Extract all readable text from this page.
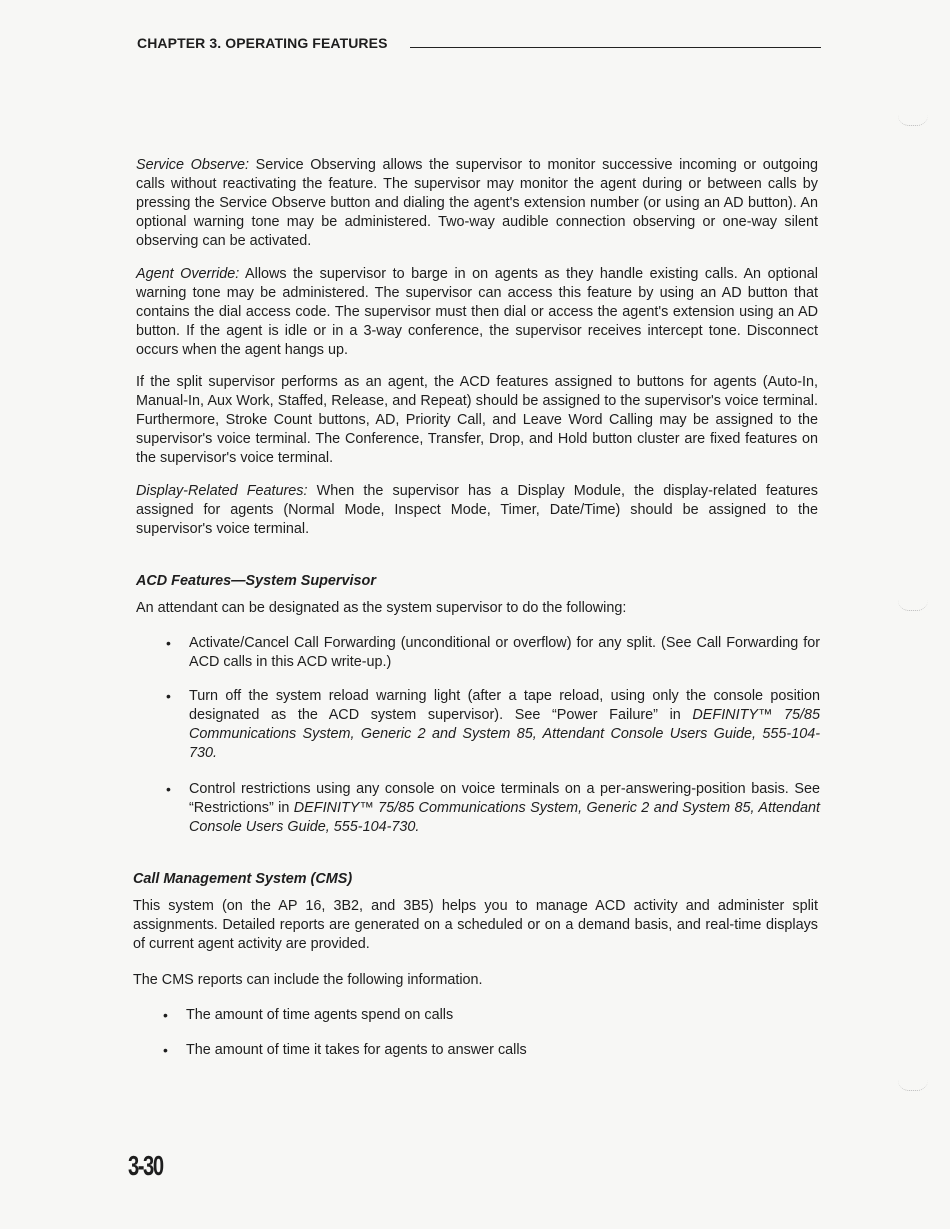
CHAPTER 3. OPERATING FEATURES

Service Observe: Service Observing allows the supervisor to monitor successive incoming or outgoing calls without reactivating the feature. The supervisor may monitor the agent during or between calls by pressing the Service Observe button and dialing the agent's extension number (or using an AD button). An optional warning tone may be administered. Two-way audible connection observing or one-way silent observing can be activated.

Agent Override: Allows the supervisor to barge in on agents as they handle existing calls. An optional warning tone may be administered. The supervisor can access this feature by using an AD button that contains the dial access code. The supervisor must then dial or access the agent's extension using an AD button. If the agent is idle or in a 3-way conference, the supervisor receives intercept tone. Disconnect occurs when the agent hangs up.

If the split supervisor performs as an agent, the ACD features assigned to buttons for agents (Auto-In, Manual-In, Aux Work, Staffed, Release, and Repeat) should be assigned to the supervisor's voice terminal. Furthermore, Stroke Count buttons, AD, Priority Call, and Leave Word Calling may be assigned to the supervisor's voice terminal. The Conference, Transfer, Drop, and Hold button cluster are fixed features on the supervisor's voice terminal.

Display-Related Features: When the supervisor has a Display Module, the display-related features assigned for agents (Normal Mode, Inspect Mode, Timer, Date/Time) should be assigned to the supervisor's voice terminal.

ACD Features—System Supervisor

An attendant can be designated as the system supervisor to do the following:

•	Activate/Cancel Call Forwarding (unconditional or overflow) for any split. (See Call Forwarding for ACD calls in this ACD write-up.)
•	Turn off the system reload warning light (after a tape reload, using only the console position designated as the ACD system supervisor). See “Power Failure” in DEFINITY™ 75/85 Communications System, Generic 2 and System 85, Attendant Console Users Guide, 555-104-730.
•	Control restrictions using any console on voice terminals on a per-answering-position basis. See “Restrictions” in DEFINITY™ 75/85 Communications System, Generic 2 and System 85, Attendant Console Users Guide, 555-104-730.

Call Management System (CMS)

This system (on the AP 16, 3B2, and 3B5) helps you to manage ACD activity and administer split assignments. Detailed reports are generated on a scheduled or on a demand basis, and real-time displays of current agent activity are provided.

The CMS reports can include the following information.

•	The amount of time agents spend on calls
•	The amount of time it takes for agents to answer calls
3-30
